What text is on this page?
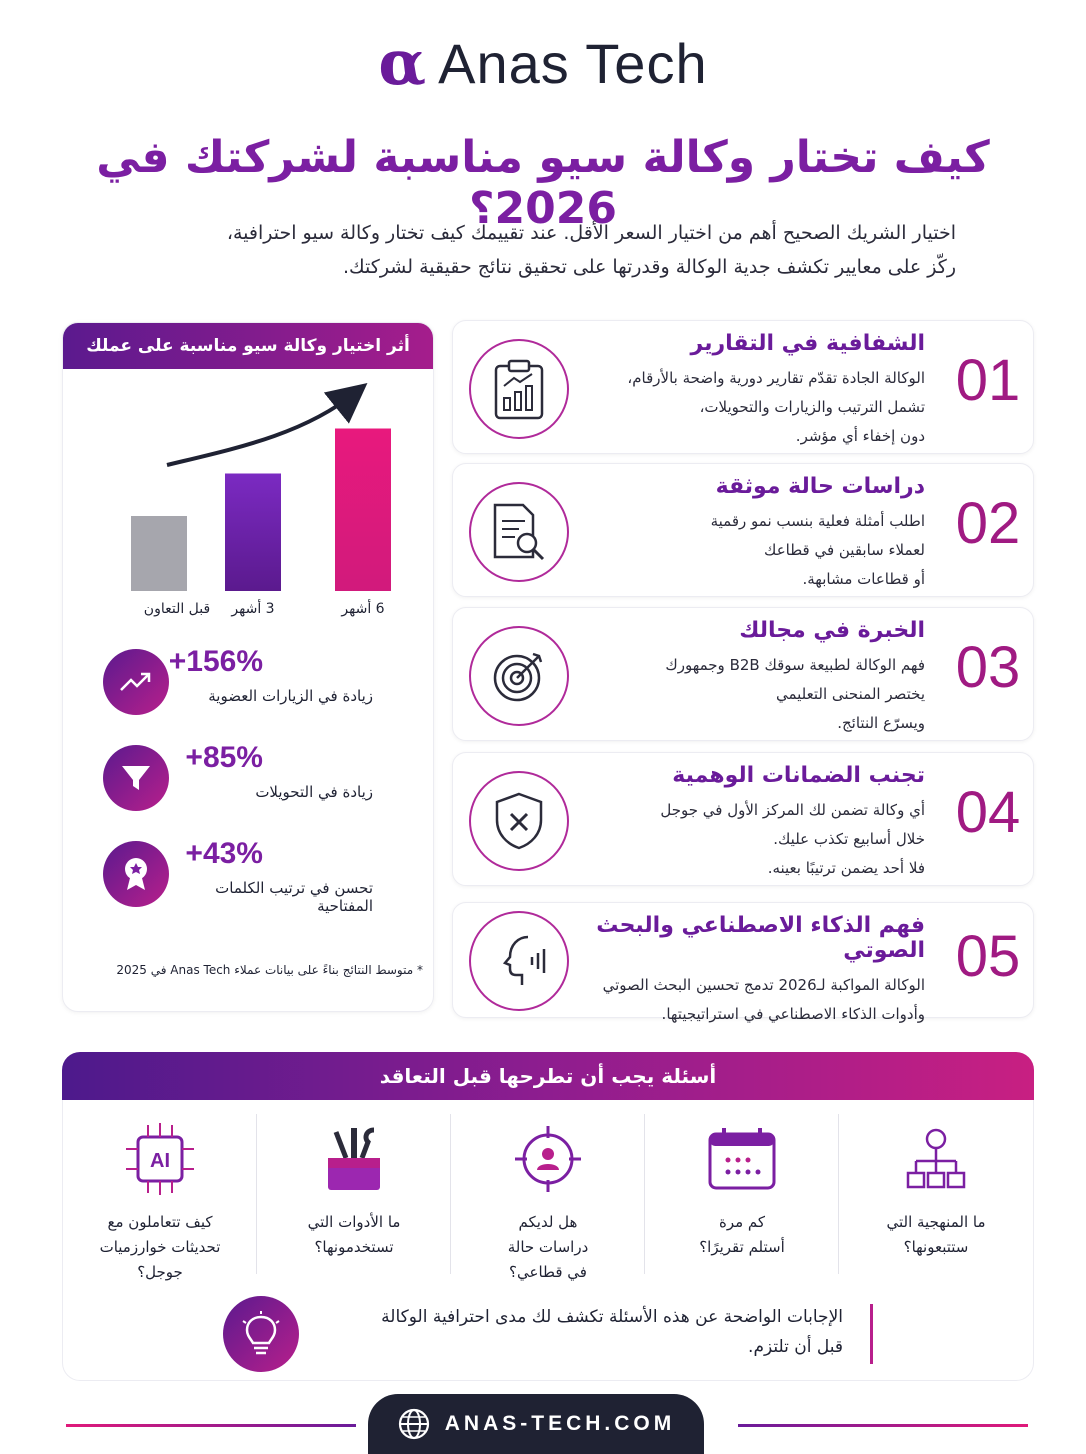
α Anas Tech
كيف تختار وكالة سيو مناسبة لشركتك في 2026؟
اختيار الشريك الصحيح أهم من اختيار السعر الأقل. عند تقييمك كيف تختار وكالة سيو احترافية،
ركّز على معايير تكشف جدية الوكالة وقدرتها على تحقيق نتائج حقيقية لشركتك.
01
الشفافية في التقارير
الوكالة الجادة تقدّم تقارير دورية واضحة بالأرقام،
تشمل الترتيب والزيارات والتحويلات،
دون إخفاء أي مؤشر.
02
دراسات حالة موثقة
اطلب أمثلة فعلية بنسب نمو رقمية
لعملاء سابقين في قطاعك
أو قطاعات مشابهة.
03
الخبرة في مجالك
فهم الوكالة لطبيعة سوقك B2B وجمهورك
يختصر المنحنى التعليمي
ويسرّع النتائج.
04
تجنب الضمانات الوهمية
أي وكالة تضمن لك المركز الأول في جوجل
خلال أسابيع تكذب عليك.
فلا أحد يضمن ترتيبًا بعينه.
05
فهم الذكاء الاصطناعي والبحث الصوتي
الوكالة المواكبة لـ2026 تدمج تحسين البحث الصوتي
وأدوات الذكاء الاصطناعي في استراتيجيتها.
أثر اختيار وكالة سيو مناسبة على عملك
قبل التعاون 3 أشهر	6 أشهر
+156%
زيادة في الزيارات العضوية
+85%
زيادة في التحويلات
+43%
تحسن في ترتيب الكلمات المفتاحية
* متوسط النتائج بناءً على بيانات عملاء Anas Tech في 2025
أسئلة يجب أن تطرحها قبل التعاقد
ما المنهجية التي
ستتبعونها؟
كم مرة
أستلم تقريرًا؟
هل لديكم
دراسات حالة
في قطاعي؟
ما الأدوات التي
تستخدمونها؟
AI
كيف تتعاملون مع
تحديثات خوارزميات
جوجل؟
الإجابات الواضحة عن هذه الأسئلة تكشف لك مدى احترافية الوكالة
قبل أن تلتزم.
ANAS-TECH.COM
